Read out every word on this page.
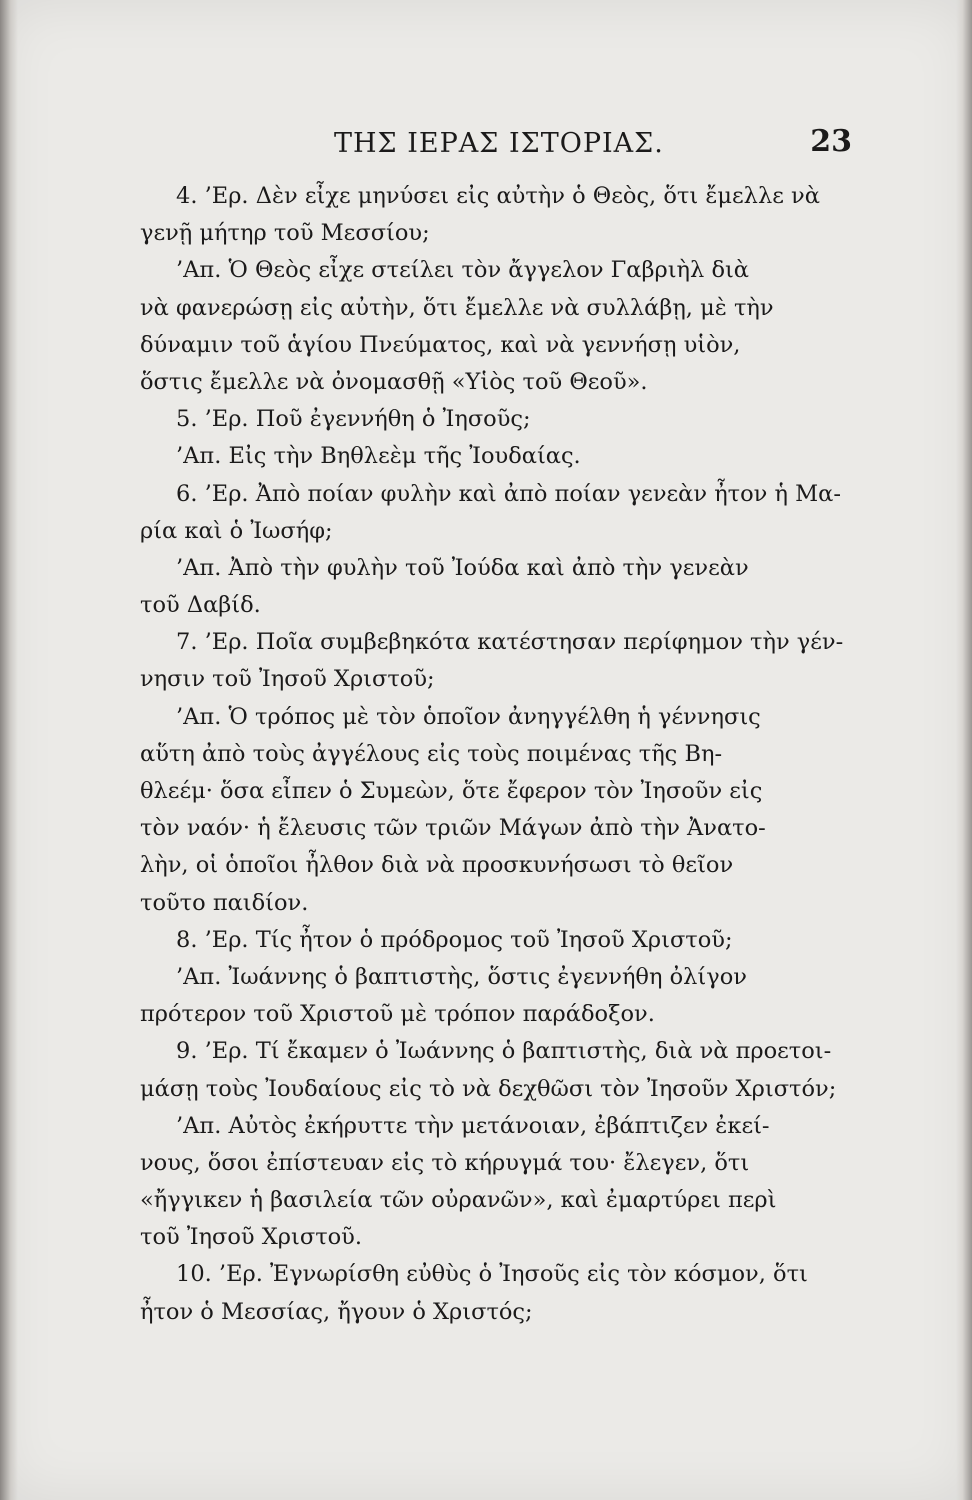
ΤΗΣ ΙΕΡΑΣ ΙΣΤΟΡΙΑΣ.	23
4. ’Ερ. Δὲν εἶχε μηνύσει εἰς αὐτὴν ὁ Θεὸς, ὅτι ἔμελλε νὰ
γενῇ μήτηρ τοῦ Μεσσίου;
’Απ. Ὁ Θεὸς εἶχε στείλει τὸν ἄγγελον Γαβριὴλ διὰ
νὰ φανερώσῃ εἰς αὐτὴν, ὅτι ἔμελλε νὰ συλλάβῃ, μὲ τὴν
δύναμιν τοῦ ἁγίου Πνεύματος, καὶ νὰ γεννήσῃ υἱὸν,
ὅστις ἔμελλε νὰ ὀνομασθῇ «Υἱὸς τοῦ Θεοῦ».
5. ’Ερ. Ποῦ ἐγεννήθη ὁ Ἰησοῦς;
’Απ. Εἰς τὴν Βηθλεὲμ τῆς Ἰουδαίας.
6. ’Ερ. Ἀπὸ ποίαν φυλὴν καὶ ἀπὸ ποίαν γενεὰν ἦτον ἡ Μα-
ρία καὶ ὁ Ἰωσήφ;
’Απ. Ἀπὸ τὴν φυλὴν τοῦ Ἰούδα καὶ ἀπὸ τὴν γενεὰν
τοῦ Δαβίδ.
7. ’Ερ. Ποῖα συμβεβηκότα κατέστησαν περίφημον τὴν γέν-
νησιν τοῦ Ἰησοῦ Χριστοῦ;
’Απ. Ὁ τρόπος μὲ τὸν ὁποῖον ἀνηγγέλθη ἡ γέννησις
αὕτη ἀπὸ τοὺς ἀγγέλους εἰς τοὺς ποιμένας τῆς Βη-
θλεέμ· ὅσα εἶπεν ὁ Συμεὼν, ὅτε ἔφερον τὸν Ἰησοῦν εἰς
τὸν ναόν· ἡ ἔλευσις τῶν τριῶν Μάγων ἀπὸ τὴν Ἀνατο-
λὴν, οἱ ὁποῖοι ἦλθον διὰ νὰ προσκυνήσωσι τὸ θεῖον
τοῦτο παιδίον.
8. ’Ερ. Τίς ἦτον ὁ πρόδρομος τοῦ Ἰησοῦ Χριστοῦ;
’Απ. Ἰωάννης ὁ βαπτιστὴς, ὅστις ἐγεννήθη ὀλίγον
πρότερον τοῦ Χριστοῦ μὲ τρόπον παράδοξον.
9. ’Ερ. Τί ἔκαμεν ὁ Ἰωάννης ὁ βαπτιστὴς, διὰ νὰ προετοι-
μάσῃ τοὺς Ἰουδαίους εἰς τὸ νὰ δεχθῶσι τὸν Ἰησοῦν Χριστόν;
’Απ. Αὐτὸς ἐκήρυττε τὴν μετάνοιαν, ἐβάπτιζεν ἐκεί-
νους, ὅσοι ἐπίστευαν εἰς τὸ κήρυγμά του· ἔλεγεν, ὅτι
«ἤγγικεν ἡ βασιλεία τῶν οὐρανῶν», καὶ ἐμαρτύρει περὶ
τοῦ Ἰησοῦ Χριστοῦ.
10. ’Ερ. Ἐγνωρίσθη εὐθὺς ὁ Ἰησοῦς εἰς τὸν κόσμον, ὅτι
ἦτον ὁ Μεσσίας, ἤγουν ὁ Χριστός;
